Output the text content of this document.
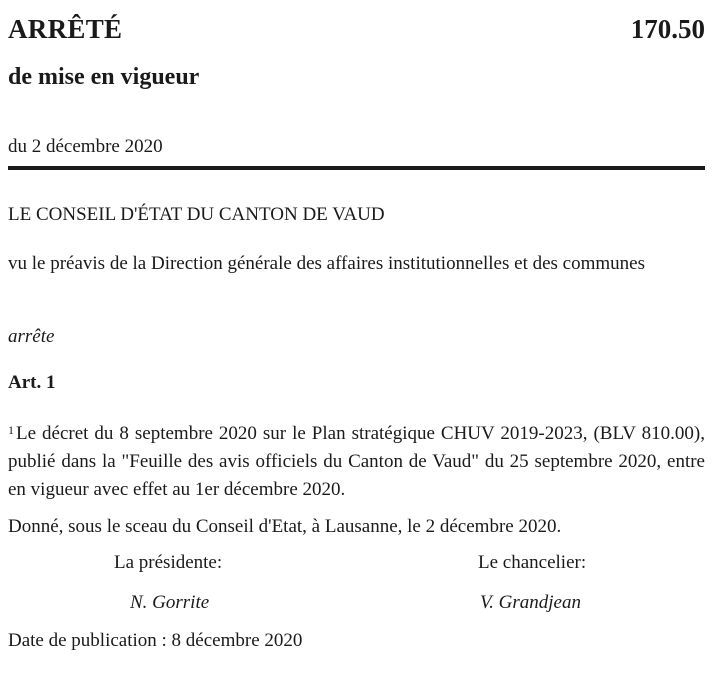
ARRÊTÉ	170.50
de mise en vigueur
du 2 décembre 2020
LE CONSEIL D'ÉTAT DU CANTON DE VAUD
vu le préavis de la Direction générale des affaires institutionnelles et des communes
arrête
Art. 1
$^1$ Le décret du 8 septembre 2020 sur le Plan stratégique CHUV 2019-2023, (BLV 810.00), publié dans la "Feuille des avis officiels du Canton de Vaud" du 25 septembre 2020, entre en vigueur avec effet au 1er décembre 2020.
Donné, sous le sceau du Conseil d'Etat, à Lausanne, le 2 décembre 2020.
La présidente:	Le chancelier:
N. Gorrite	V. Grandjean
Date de publication : 8 décembre 2020
